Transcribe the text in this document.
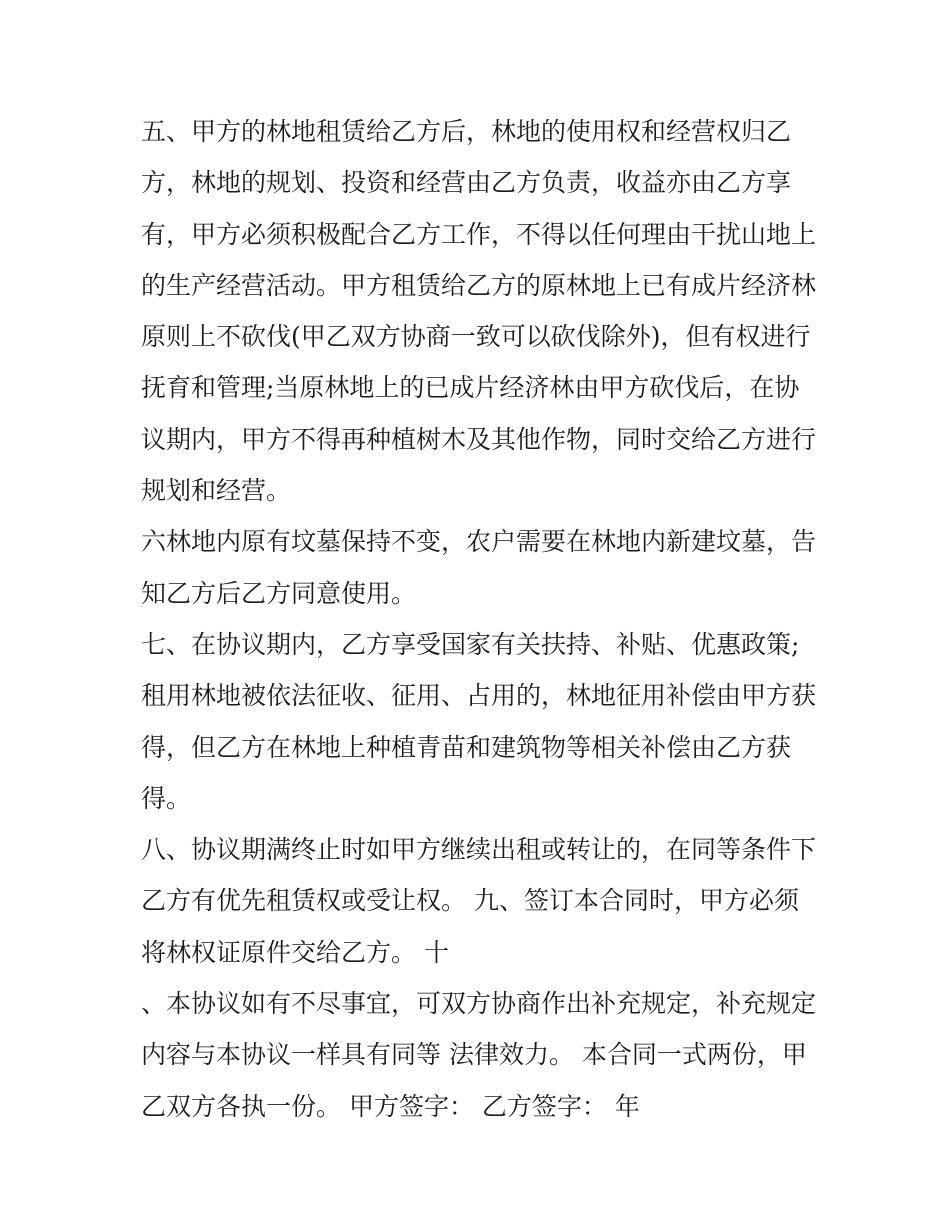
五、甲方的林地租赁给乙方后，林地的使用权和经营权归乙
方，林地的规划、投资和经营由乙方负责，收益亦由乙方享
有，甲方必须积极配合乙方工作，不得以任何理由干扰山地上
的生产经营活动。甲方租赁给乙方的原林地上已有成片经济林
原则上不砍伐(甲乙双方协商一致可以砍伐除外)，但有权进行
抚育和管理;当原林地上的已成片经济林由甲方砍伐后，在协
议期内，甲方不得再种植树木及其他作物，同时交给乙方进行
规划和经营。
六林地内原有坟墓保持不变，农户需要在林地内新建坟墓，告
知乙方后乙方同意使用。
七、在协议期内，乙方享受国家有关扶持、补贴、优惠政策;
租用林地被依法征收、征用、占用的，林地征用补偿由甲方获
得，但乙方在林地上种植青苗和建筑物等相关补偿由乙方获
得。
八、协议期满终止时如甲方继续出租或转让的，在同等条件下
乙方有优先租赁权或受让权。 九、签订本合同时，甲方必须
将林权证原件交给乙方。 十
、本协议如有不尽事宜，可双方协商作出补充规定，补充规定
内容与本协议一样具有同等 法律效力。 本合同一式两份，甲
乙双方各执一份。 甲方签字： 乙方签字： 年
